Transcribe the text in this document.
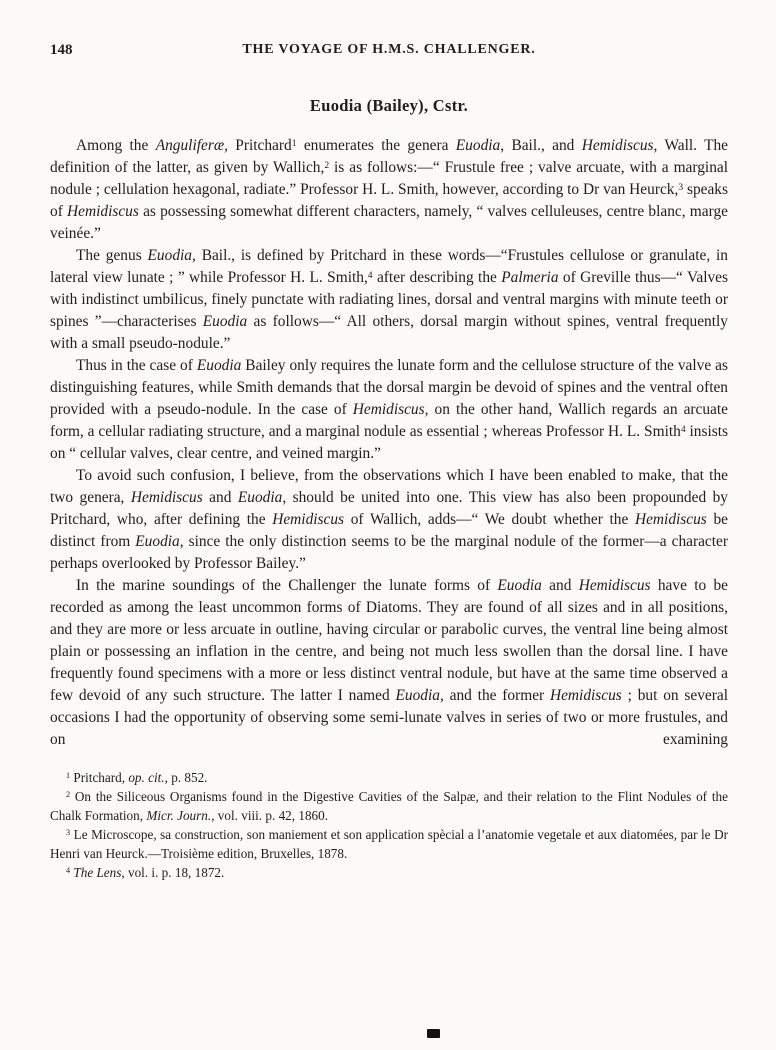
148	THE VOYAGE OF H.M.S. CHALLENGER.
Euodia (Bailey), Cstr.

Among the Anguliferæ, Pritchard$^1$ enumerates the genera Euodia, Bail., and Hemidiscus, Wall. The definition of the latter, as given by Wallich,$^2$ is as follows:—“ Frustule free ; valve arcuate, with a marginal nodule ; cellulation hexagonal, radiate.” Professor H. L. Smith, however, according to Dr van Heurck,$^3$ speaks of Hemidiscus as possessing somewhat different characters, namely, “ valves celluleuses, centre blanc, marge veinée.”

The genus Euodia, Bail., is defined by Pritchard in these words—“Frustules cellulose or granulate, in lateral view lunate ; ” while Professor H. L. Smith,$^4$ after describing the Palmeria of Greville thus—“ Valves with indistinct umbilicus, finely punctate with radiating lines, dorsal and ventral margins with minute teeth or spines ”—characterises Euodia as follows—“ All others, dorsal margin without spines, ventral frequently with a small pseudo-nodule.”

Thus in the case of Euodia Bailey only requires the lunate form and the cellulose structure of the valve as distinguishing features, while Smith demands that the dorsal margin be devoid of spines and the ventral often provided with a pseudo-nodule. In the case of Hemidiscus, on the other hand, Wallich regards an arcuate form, a cellular radiating structure, and a marginal nodule as essential ; whereas Professor H. L. Smith$^4$ insists on “ cellular valves, clear centre, and veined margin.”

To avoid such confusion, I believe, from the observations which I have been enabled to make, that the two genera, Hemidiscus and Euodia, should be united into one. This view has also been propounded by Pritchard, who, after defining the Hemidiscus of Wallich, adds—“ We doubt whether the Hemidiscus be distinct from Euodia, since the only distinction seems to be the marginal nodule of the former—a character perhaps overlooked by Professor Bailey.”

In the marine soundings of the Challenger the lunate forms of Euodia and Hemidiscus have to be recorded as among the least uncommon forms of Diatoms. They are found of all sizes and in all positions, and they are more or less arcuate in outline, having circular or parabolic curves, the ventral line being almost plain or possessing an inflation in the centre, and being not much less swollen than the dorsal line. I have frequently found specimens with a more or less distinct ventral nodule, but have at the same time observed a few devoid of any such structure. The latter I named Euodia, and the former Hemidiscus ; but on several occasions I had the opportunity of observing some semi-lunate valves in series of two or more frustules, and on examining

$^1$ Pritchard, op. cit., p. 852.

$^2$ On the Siliceous Organisms found in the Digestive Cavities of the Salpæ, and their relation to the Flint Nodules of the Chalk Formation, Micr. Journ., vol. viii. p. 42, 1860.

$^3$ Le Microscope, sa construction, son maniement et son application spècial a l’anatomie vegetale et aux diatomées, par le Dr Henri van Heurck.—Troisième edition, Bruxelles, 1878.

$^4$ The Lens, vol. i. p. 18, 1872.
